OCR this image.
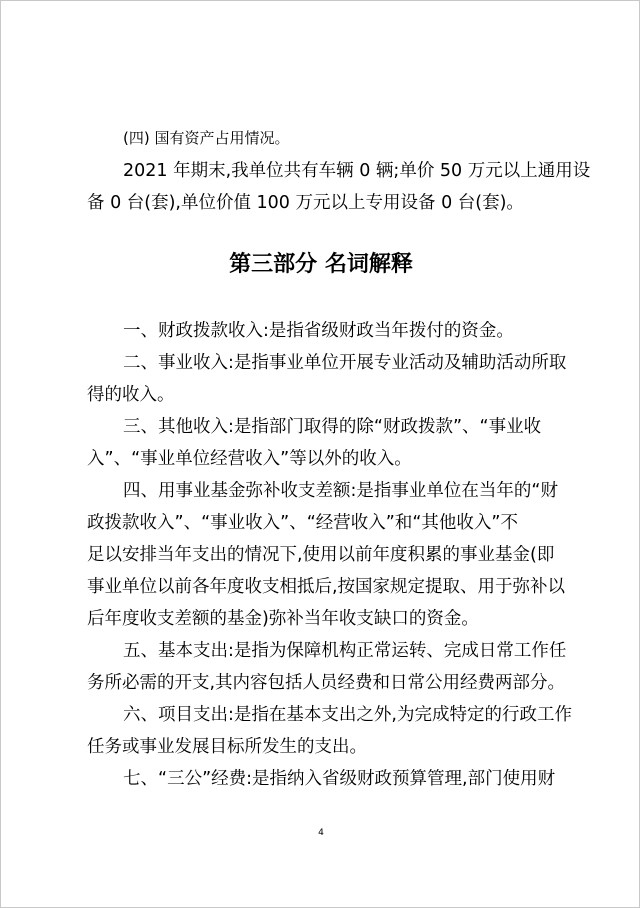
(四) 国有资产占用情况。
2021 年期末,我单位共有车辆 0 辆;单价 50 万元以上通用设
备 0 台(套),单位价值 100 万元以上专用设备 0 台(套)。
第三部分 名词解释
一、财政拨款收入:是指省级财政当年拨付的资金。
二、事业收入:是指事业单位开展专业活动及辅助活动所取
得的收入。
三、其他收入:是指部门取得的除“财政拨款”、“事业收
入”、“事业单位经营收入”等以外的收入。
四、用事业基金弥补收支差额:是指事业单位在当年的“财
政拨款收入”、“事业收入”、“经营收入”和“其他收入”不
足以安排当年支出的情况下,使用以前年度积累的事业基金(即
事业单位以前各年度收支相抵后,按国家规定提取、用于弥补以
后年度收支差额的基金)弥补当年收支缺口的资金。
五、基本支出:是指为保障机构正常运转、完成日常工作任
务所必需的开支,其内容包括人员经费和日常公用经费两部分。
六、项目支出:是指在基本支出之外,为完成特定的行政工作
任务或事业发展目标所发生的支出。
七、“三公”经费:是指纳入省级财政预算管理,部门使用财
4
